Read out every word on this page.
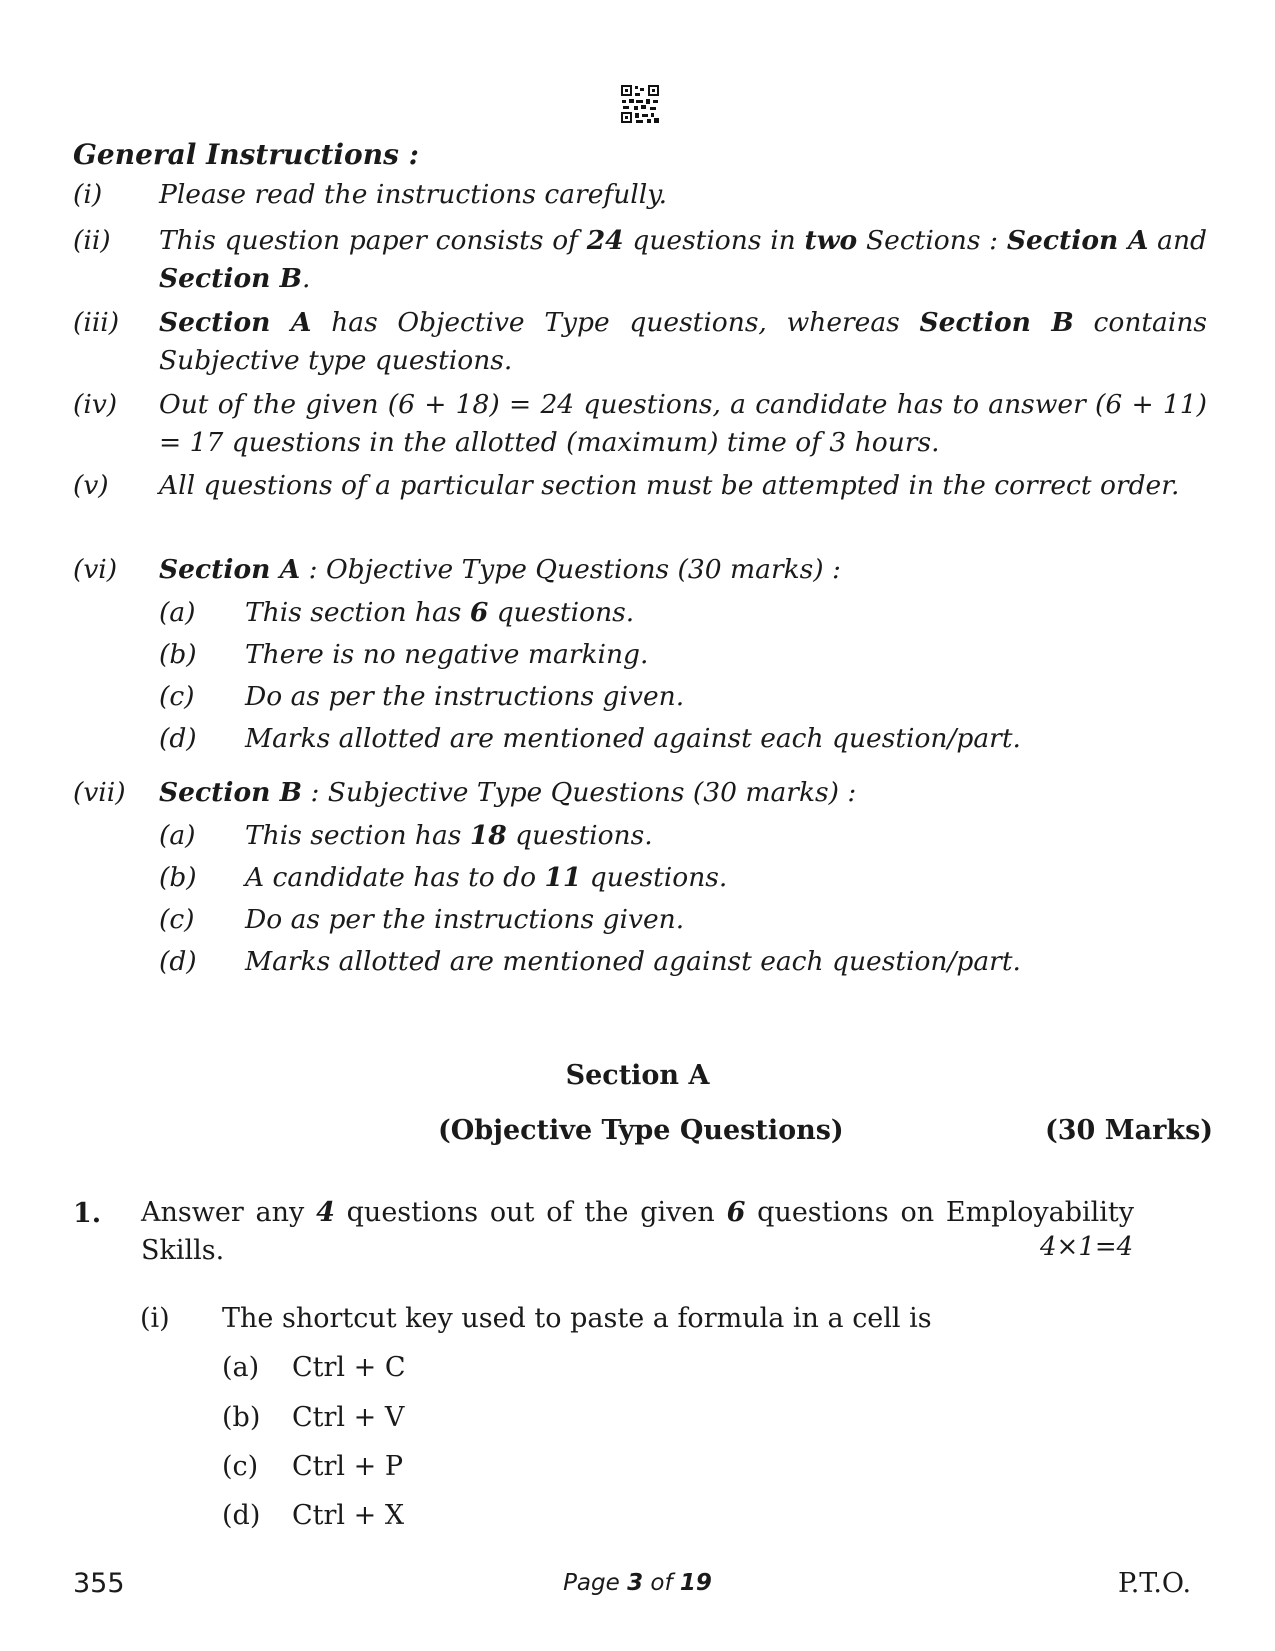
General Instructions :
(i) Please read the instructions carefully.
(ii) This question paper consists of 24 questions in two Sections : Section A and Section B.
(iii) Section A has Objective Type questions, whereas Section B contains Subjective type questions.
(iv) Out of the given (6 + 18) = 24 questions, a candidate has to answer (6 + 11) = 17 questions in the allotted (maximum) time of 3 hours.
(v) All questions of a particular section must be attempted in the correct order.
(vi) Section A : Objective Type Questions (30 marks) :
(a) This section has 6 questions.
(b) There is no negative marking.
(c) Do as per the instructions given.
(d) Marks allotted are mentioned against each question/part.
(vii) Section B : Subjective Type Questions (30 marks) :
(a) This section has 18 questions.
(b) A candidate has to do 11 questions.
(c) Do as per the instructions given.
(d) Marks allotted are mentioned against each question/part.
Section A
(Objective Type Questions)	(30 Marks)
1. Answer any 4 questions out of the given 6 questions on Employability Skills.	4×1=4
(i) The shortcut key used to paste a formula in a cell is
(a) Ctrl + C
(b) Ctrl + V
(c) Ctrl + P
(d) Ctrl + X
355	Page 3 of 19	P.T.O.
